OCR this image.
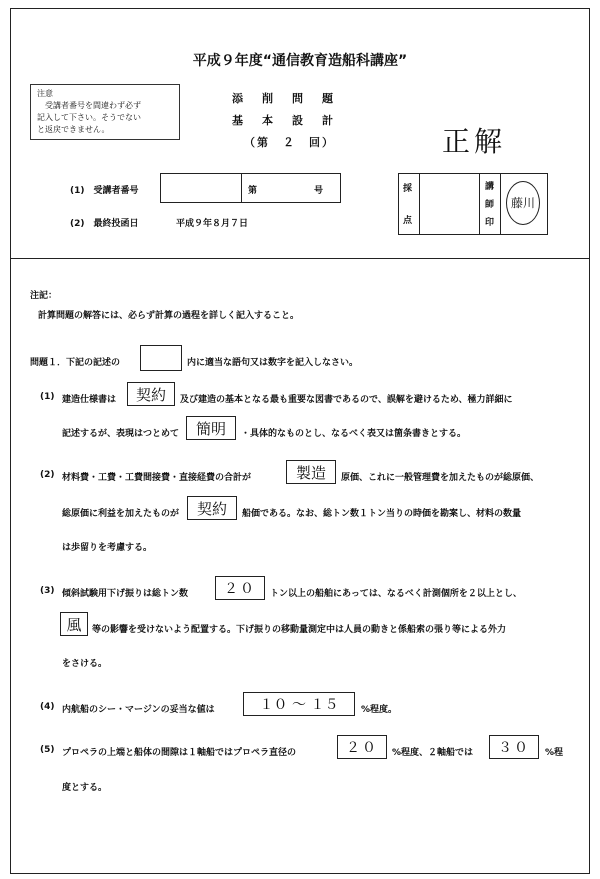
平成９年度“通信教育造船科講座”
注意
受講者番号を間違わず必ず
記入して下さい。そうでない
と返戻できません。
添　削　問　題
基　本　設　計
（第　２　回）	正解
(1)　受講者番号	第	号
(2)　最終投函日	平成９年８月７日
採
点
講
師
印
藤川
注記：
計算問題の解答には、必らず計算の過程を詳しく記入すること。
問題１．下記の記述の	内に適当な語句又は数字を記入しなさい。
(1) 建造仕様書は	契約	及び建造の基本となる最も重要な図書であるので、誤解を避けるため、極力詳細に
記述するが、表現はつとめて	簡明	・具体的なものとし、なるべく表又は箇条書きとする。
(2) 材料費・工費・工費間接費・直接経費の合計が	製造	原価、これに一般管理費を加えたものが総原価、
総原価に利益を加えたものが	契約	船価である。なお、総トン数１トン当りの時価を勘案し、材料の数量
は歩留りを考慮する。
(3) 傾斜試験用下げ振りは総トン数	２０	トン以上の船舶にあっては、なるべく計測個所を２以上とし、
風	等の影響を受けないよう配置する。下げ振りの移動量測定中は人員の動きと係船索の張り等による外力
をさける。
(4) 内航船のシー・マージンの妥当な値は	１０ ～ １５	%程度。
(5) プロペラの上端と船体の間隙は１軸船ではプロペラ直径の	２０	%程度、２軸船では	３０	%程
度とする。
